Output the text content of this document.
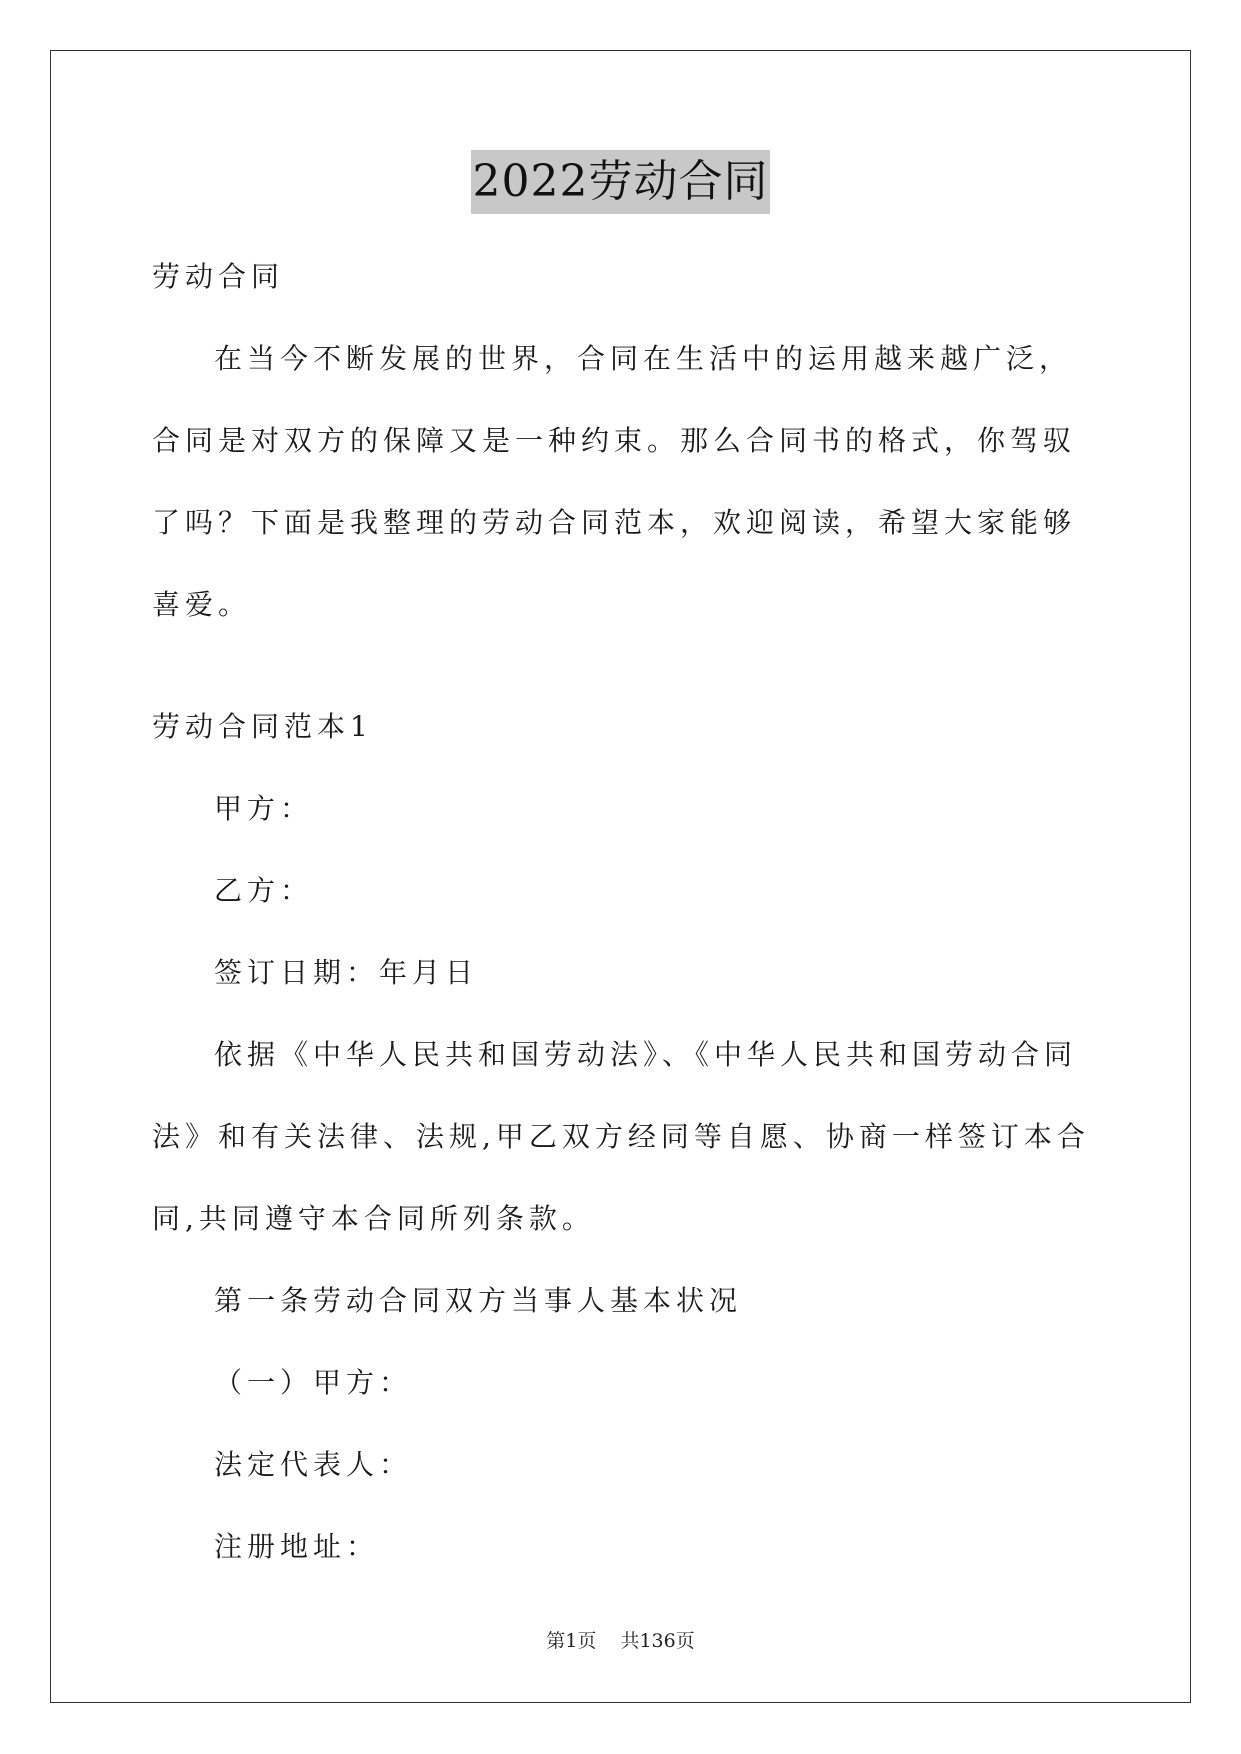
2022劳动合同

劳动合同

在当今不断发展的世界，合同在生活中的运用越来越广泛，合同是对双方的保障又是一种约束。那么合同书的格式，你驾驭了吗？下面是我整理的劳动合同范本，欢迎阅读，希望大家能够喜爱。

劳动合同范本1

甲方：

乙方：

签订日期：年月日

依据《中华人民共和国劳动法》、《中华人民共和国劳动合同法》和有关法律、法规,甲乙双方经同等自愿、协商一样签订本合同,共同遵守本合同所列条款。

第一条劳动合同双方当事人基本状况

（一）甲方：

法定代表人：

注册地址：

第1页 共136页
